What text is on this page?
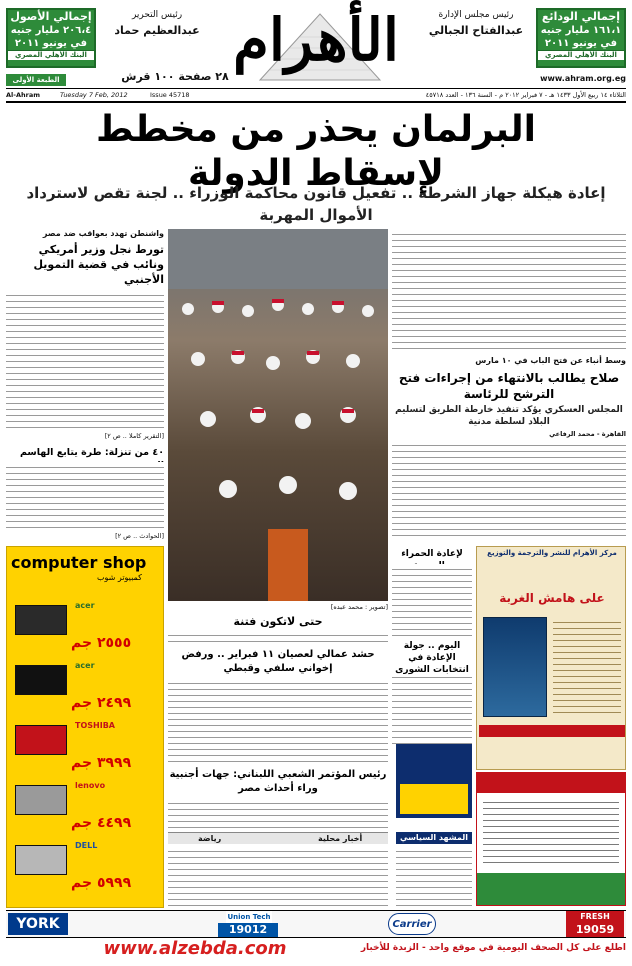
إجمالي الأصول
٢٠٦،٤ مليار جنيه
في يونيو ٢٠١١
البنك الأهلي المصري
إجمالي الودائع
١٦١،١ مليار جنيه
في يونيو ٢٠١١
البنك الأهلي المصري
رئيس التحرير
عبدالعظيم حماد
رئيس مجلس الإدارة
عبدالفتاح الجبالي
الأهرام
الطبعة الأولى	٢٨ صفحة ١٠٠ قرش	www.ahram.org.eg
Al-Ahram	Tuesday 7 Feb, 2012	Issue 45718	الثلاثاء ١٤ ربيع الأول ١٤٣٣ هـ - ٧ فبراير ٢٠١٢ م - السنة ١٣٦ - العدد ٤٥٧١٨
البرلمان يحذر من مخطط لإسقاط الدولة
إعادة هيكلة جهاز الشرطة .. تفعيل قانون محاكمة الوزراء .. لجنة تقص لاسترداد الأموال المهربة
واشنطن تهدد بعواقب ضد مصر
تورط نجل وزير أمريكي ونائب في قضية التمويل الأجنبي
[التقرير كاملا .. ص ٢]
٤٠ من تنزلة: طرة يتابع الهاسم
[الحوادث .. ص ٢]
computer shop
كمبيوتر شوب
acer
٢٥٥٥ جم
acer
٢٤٩٩ جم
TOSHIBA
٣٩٩٩ جم
lenovo
٤٤٩٩ جم
DELL
٥٩٩٩ جم
[تصوير : محمد عبده]
حتى لاتكون فتنة
حشد عمالي لعصيان ١١ فبراير .. ورفض إخواني سلفي وقبطي
رئيس المؤتمر الشعبي اللبناني: جهات أجنبية وراء أحداث مصر
رياضة	أخبار محلية
وسط أنباء عن فتح الباب في ١٠ مارس
صلاح يطالب بالانتهاء من إجراءات فتح الترشح للرئاسة
المجلس العسكري يؤكد تنفيذ خارطة الطريق لتسليم البلاد لسلطة مدنية
القاهرة - محمد الرفاعي
لإعادة الحمراء
اليوم .. جولة الإعادة في انتخابات الشورى
مركز الأهرام للنشر والترجمة والتوزيع
على هامش الغربة
المشهد السياسي
YORK	Union Tech
19012	Carrier
FRESH
19059
www.alzebda.com	اطلع على كل الصحف اليومية في موقع واحد - الزبدة للأخبار
